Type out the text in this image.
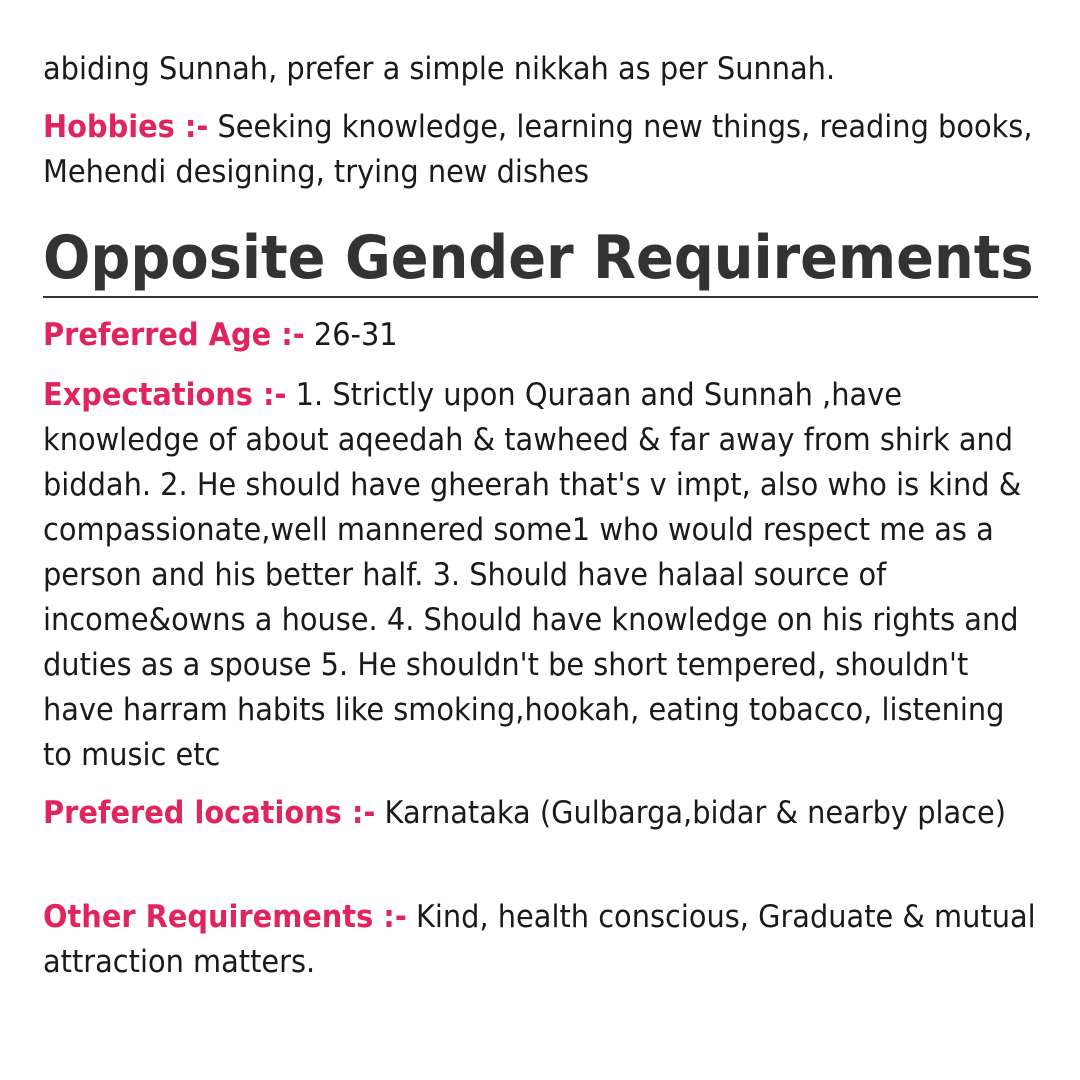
abiding Sunnah, prefer a simple nikkah as per Sunnah.

Hobbies :- Seeking knowledge, learning new things, reading books, Mehendi designing, trying new dishes

Opposite Gender Requirements

Preferred Age :- 26-31

Expectations :- 1. Strictly upon Quraan and Sunnah ,have knowledge of about aqeedah & tawheed & far away from shirk and biddah. 2. He should have gheerah that's v impt, also who is kind & compassionate,well mannered some1 who would respect me as a person and his better half. 3. Should have halaal source of income&owns a house. 4. Should have knowledge on his rights and duties as a spouse 5. He shouldn't be short tempered, shouldn't have harram habits like smoking,hookah, eating tobacco, listening to music etc

Prefered locations :- Karnataka (Gulbarga,bidar & nearby place)

Other Requirements :- Kind, health conscious, Graduate & mutual attraction matters.
